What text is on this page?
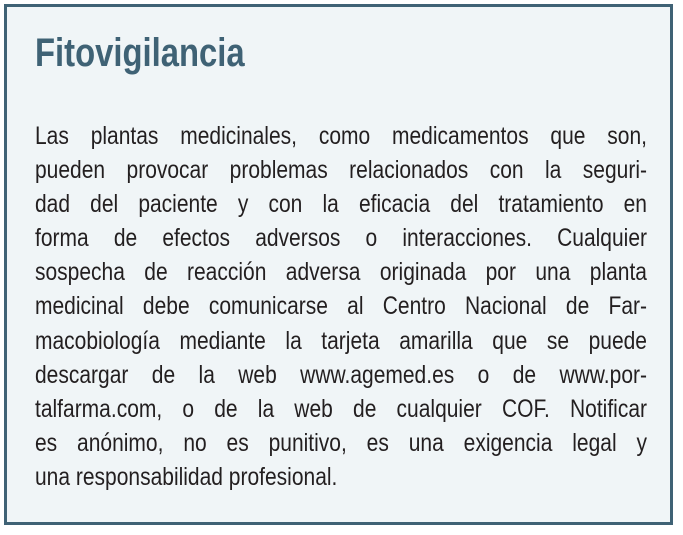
Fitovigilancia
Las plantas medicinales, como medicamentos que son,
pueden provocar problemas relacionados con la seguri-
dad del paciente y con la eficacia del tratamiento en
forma de efectos adversos o interacciones. Cualquier
sospecha de reacción adversa originada por una planta
medicinal debe comunicarse al Centro Nacional de Far-
macobiología mediante la tarjeta amarilla que se puede
descargar de la web www.agemed.es o de www.por-
talfarma.com, o de la web de cualquier COF. Notificar
es anónimo, no es punitivo, es una exigencia legal y
una responsabilidad profesional.
